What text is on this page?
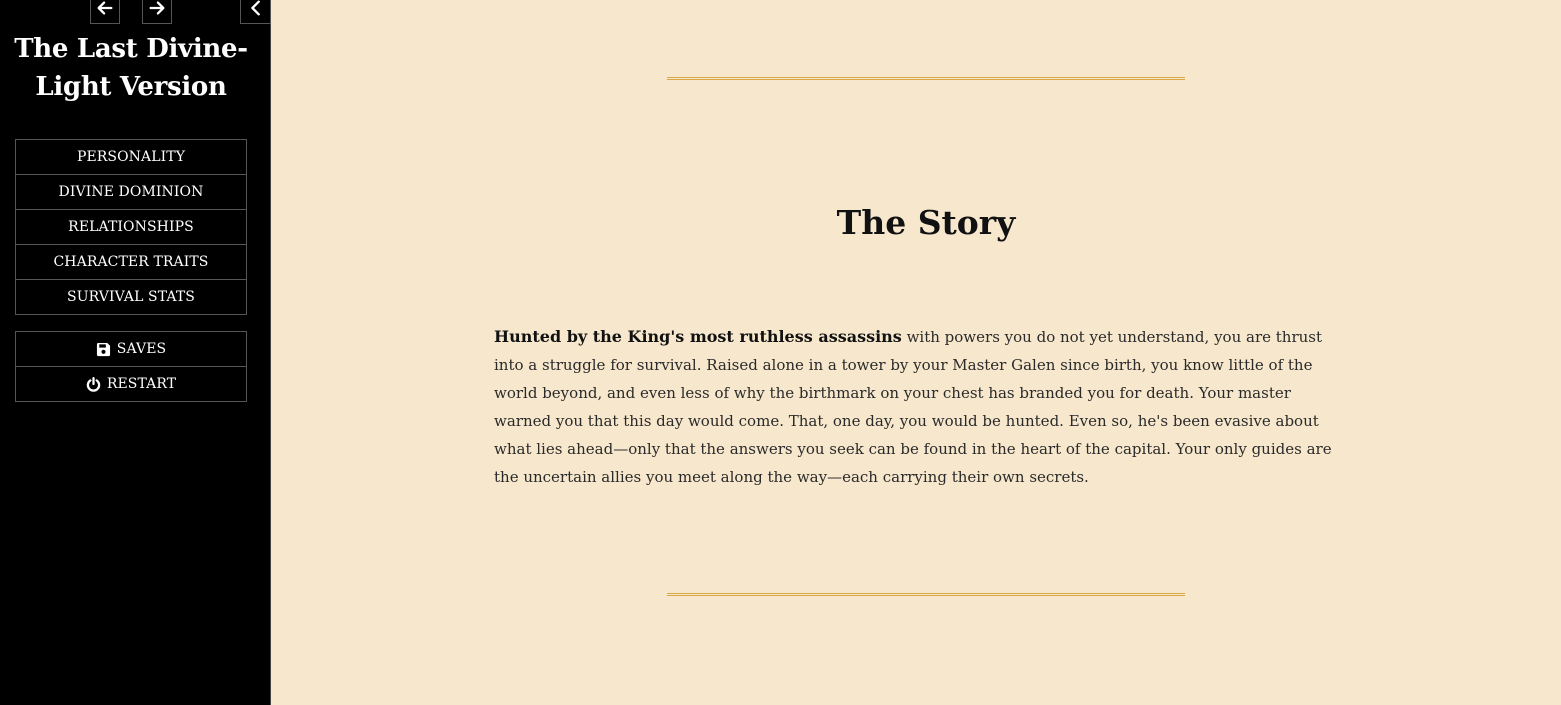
The Last Divine-Light Version
PERSONALITY
DIVINE DOMINION
RELATIONSHIPS
CHARACTER TRAITS
SURVIVAL STATS
SAVES
RESTART
The Story

Hunted by the King's most ruthless assassins with powers you do not yet understand, you are thrust into a struggle for survival. Raised alone in a tower by your Master Galen since birth, you know little of the world beyond, and even less of why the birthmark on your chest has branded you for death. Your master warned you that this day would come. That, one day, you would be hunted. Even so, he's been evasive about what lies ahead—only that the answers you seek can be found in the heart of the capital. Your only guides are the uncertain allies you meet along the way—each carrying their own secrets.
